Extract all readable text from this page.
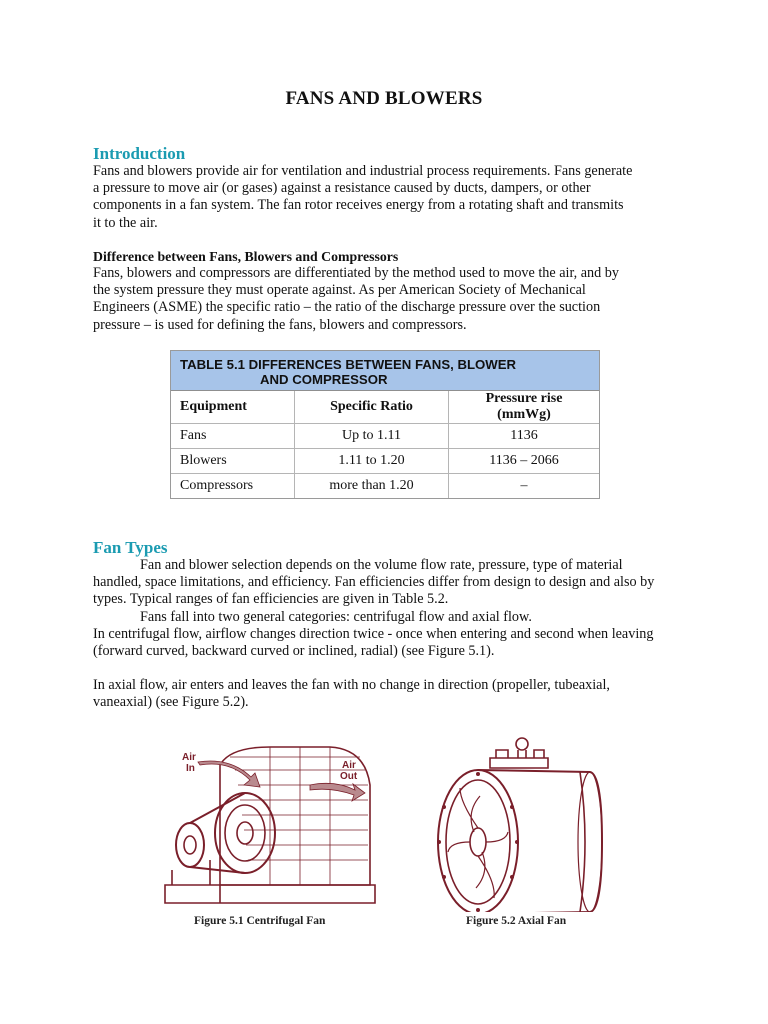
FANS AND BLOWERS
Introduction
Fans and blowers provide air for ventilation and industrial process requirements. Fans generate
a pressure to move air (or gases) against a resistance caused by ducts, dampers, or other
components in a fan system. The fan rotor receives energy from a rotating shaft and transmits
it to the air.
Difference between Fans, Blowers and Compressors
Fans, blowers and compressors are differentiated by the method used to move the air, and by
the system pressure they must operate against. As per American Society of Mechanical
Engineers (ASME) the specific ratio – the ratio of the discharge pressure over the suction
pressure – is used for defining the fans, blowers and compressors.
TABLE 5.1 DIFFERENCES BETWEEN FANS, BLOWER
AND COMPRESSOR
Equipment	Specific Ratio	Pressure rise (mmWg)
Fans	Up to 1.11	1136
Blowers	1.11 to 1.20	1136 – 2066
Compressors	more than 1.20	–
Fan Types
Fan and blower selection depends on the volume flow rate, pressure, type of material handled, space limitations, and efficiency. Fan efficiencies differ from design to design and also by types. Typical ranges of fan efficiencies are given in Table 5.2.
Fans fall into two general categories: centrifugal flow and axial flow.
In centrifugal flow, airflow changes direction twice - once when entering and second when leaving (forward curved, backward curved or inclined, radial) (see Figure 5.1).
In axial flow, air enters and leaves the fan with no change in direction (propeller, tubeaxial, vaneaxial) (see Figure 5.2).
Air
In	Air
Out
Figure 5.1 Centrifugal Fan	Figure 5.2 Axial Fan
